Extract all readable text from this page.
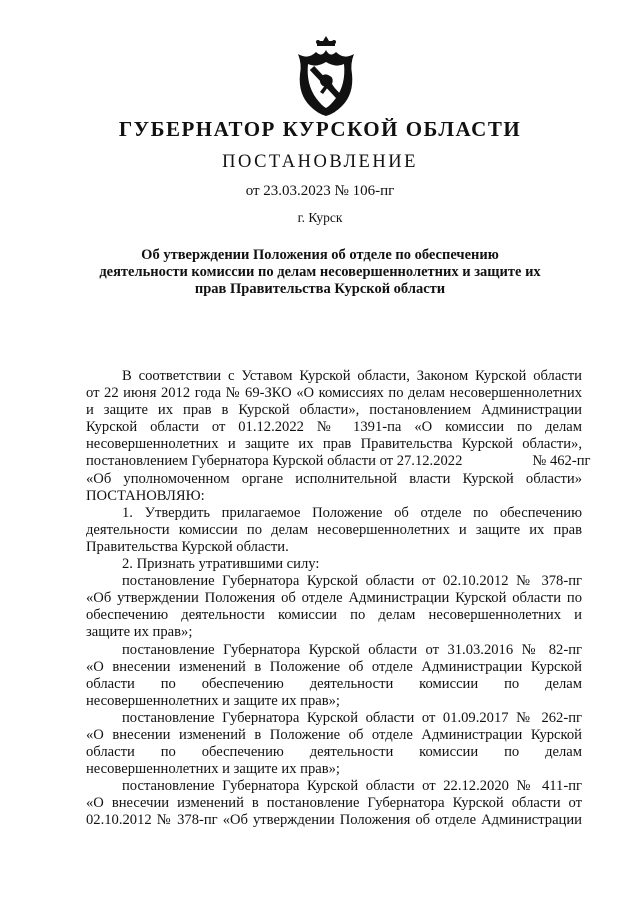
ГУБЕРНАТОР КУРСКОЙ ОБЛАСТИ
ПОСТАНОВЛЕНИЕ
от 23.03.2023 № 106-пг
г. Курск
Об утверждении Положения об отделе по обеспечению
деятельности комиссии по делам несовершеннолетних и защите их
прав Правительства Курской области
В соответствии с Уставом Курской области, Законом Курской области
от 22 июня 2012 года № 69-ЗКО «О комиссиях по делам несовершеннолетних
и защите их прав в Курской области», постановлением Администрации
Курской области от 01.12.2022 № 1391-па «О комиссии по делам
несовершеннолетних и защите их прав Правительства Курской области»,
постановлением Губернатора Курской области от 27.12.2022	№ 462-пг
«Об уполномоченном органе исполнительной власти Курской области»
ПОСТАНОВЛЯЮ:
1. Утвердить прилагаемое Положение об отделе по обеспечению
деятельности комиссии по делам несовершеннолетних и защите их прав
Правительства Курской области.
2. Признать утратившими силу:
постановление Губернатора Курской области от 02.10.2012 № 378-пг
«Об утверждении Положения об отделе Администрации Курской области по
обеспечению деятельности комиссии по делам несовершеннолетних и
защите их прав»;
постановление Губернатора Курской области от 31.03.2016 № 82-пг
«О внесении изменений в Положение об отделе Администрации Курской
области по обеспечению деятельности комиссии по делам
несовершеннолетних и защите их прав»;
постановление Губернатора Курской области от 01.09.2017 № 262-пг
«О внесении изменений в Положение об отделе Администрации Курской
области по обеспечению деятельности комиссии по делам
несовершеннолетних и защите их прав»;
постановление Губернатора Курской области от 22.12.2020 № 411-пг
«О внесечии изменений в постановление Губернатора Курской области от
02.10.2012 № 378-пг «Об утверждении Положения об отделе Администрации
